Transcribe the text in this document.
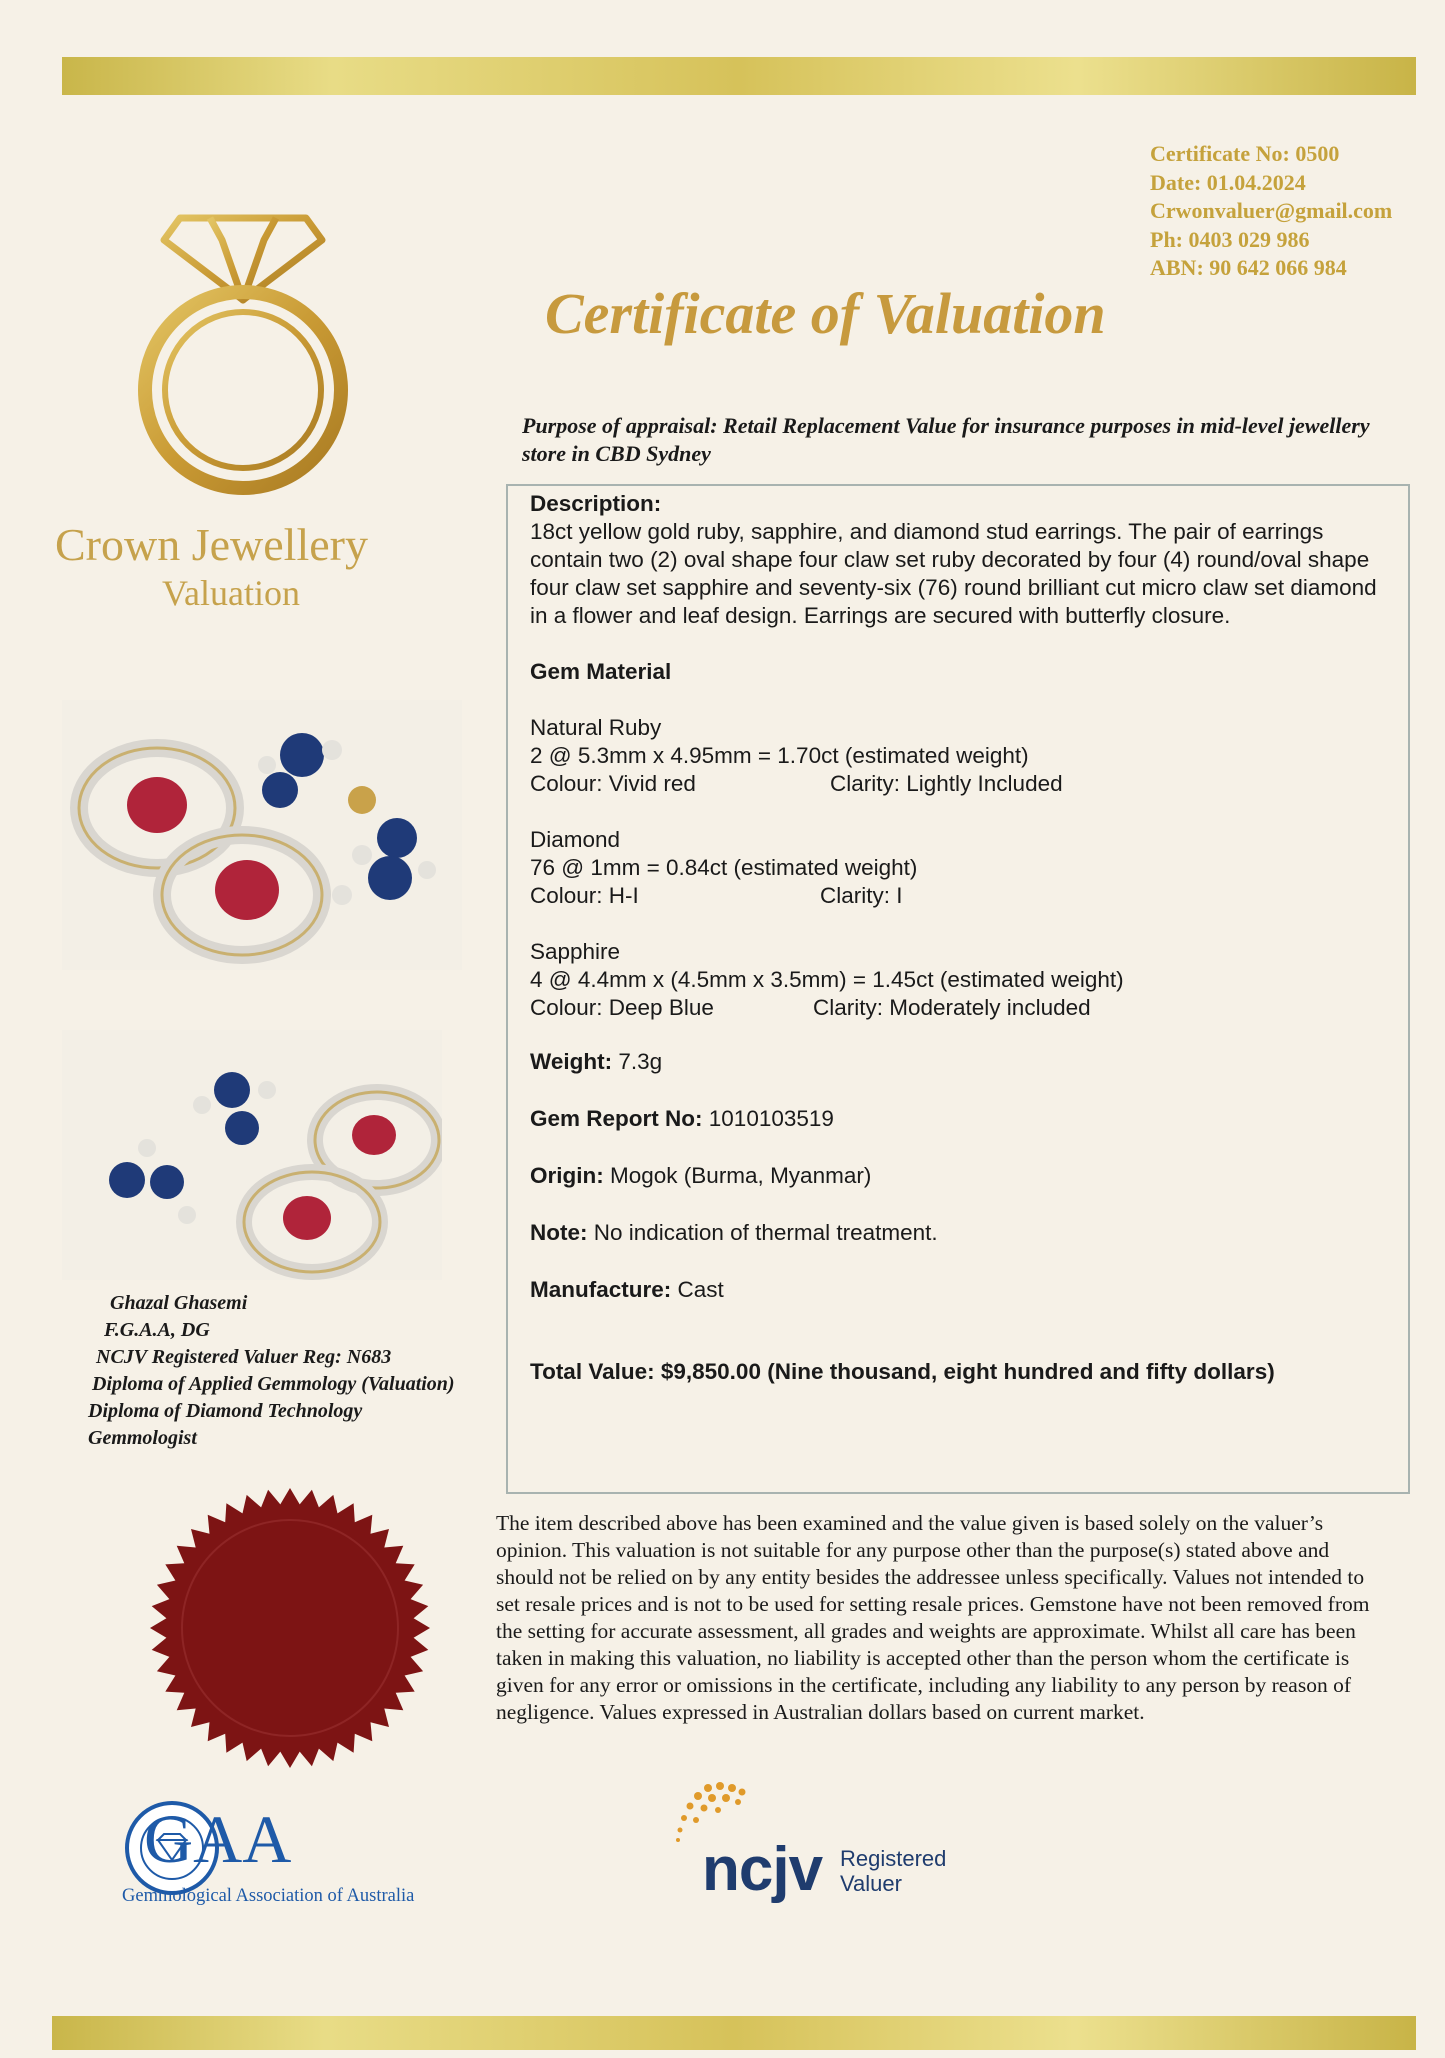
Certificate No: 0500
Date: 01.04.2024
Crwonvaluer@gmail.com
Ph: 0403 029 986
ABN: 90 642 066 984
Certificate of Valuation
Crown Jewellery
Valuation
Ghazal Ghasemi
F.G.A.A, DG
NCJV Registered Valuer Reg: N683
Diploma of Applied Gemmology (Valuation)
Diploma of Diamond Technology
Gemmologist
Purpose of appraisal: Retail Replacement Value for insurance purposes in mid-level jewellery store in CBD Sydney
Description:
18ct yellow gold ruby, sapphire, and diamond stud earrings. The pair of earrings contain two (2) oval shape four claw set ruby decorated by four (4) round/oval shape four claw set sapphire and seventy-six (76) round brilliant cut micro claw set diamond in a flower and leaf design. Earrings are secured with butterfly closure.
Gem Material
Natural Ruby
2 @ 5.3mm x 4.95mm = 1.70ct (estimated weight)
Colour: Vivid red	Clarity: Lightly Included
Diamond
76 @ 1mm = 0.84ct (estimated weight)
Colour: H-I	Clarity: I
Sapphire
4 @ 4.4mm x (4.5mm x 3.5mm) = 1.45ct (estimated weight)
Colour: Deep Blue	Clarity: Moderately included
Weight: 7.3g
Gem Report No: 1010103519
Origin: Mogok (Burma, Myanmar)
Note: No indication of thermal treatment.
Manufacture: Cast
Total Value: $9,850.00 (Nine thousand, eight hundred and fifty dollars)
The item described above has been examined and the value given is based solely on the valuer’s opinion. This valuation is not suitable for any purpose other than the purpose(s) stated above and should not be relied on by any entity besides the addressee unless specifically. Values not intended to set resale prices and is not to be used for setting resale prices. Gemstone have not been removed from the setting for accurate assessment, all grades and weights are approximate. Whilst all care has been taken in making this valuation, no liability is accepted other than the person whom the certificate is given for any error or omissions in the certificate, including any liability to any person by reason of negligence. Values expressed in Australian dollars based on current market.
GAA
Gemmological Association of Australia	ncjv Registered
Valuer
